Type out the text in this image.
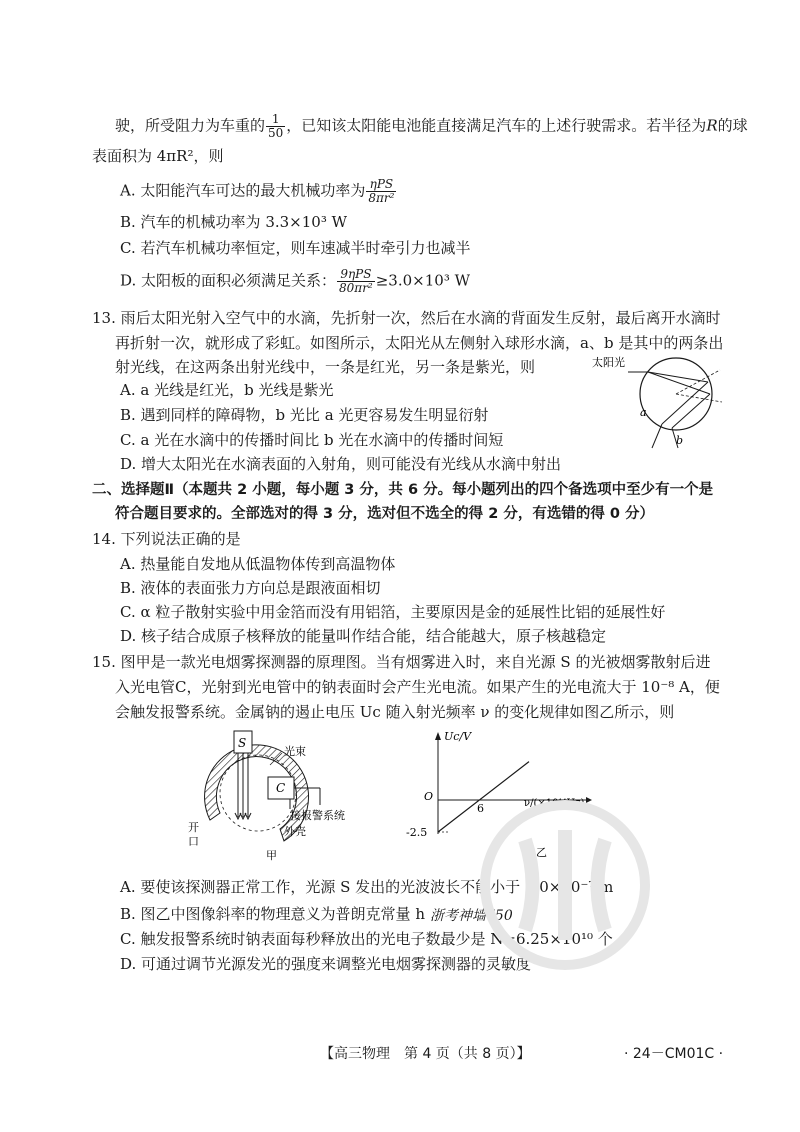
驶，所受阻力为车重的 $\frac{1}{50}$ ，已知该太阳能电池能直接满足汽车的上述行驶需求。若半径为R的球
表面积为 4πR²，则
A. 太阳能汽车可达的最大机械功率为 $\frac{\text{ηPS}}{\text{8πr²}}$
B. 汽车的机械功率为 3.3×10³ W
C. 若汽车机械功率恒定，则车速减半时牵引力也减半
D. 太阳板的面积必须满足关系： $\frac{\text{9ηPS}}{\text{80πr²}} \ge 3.0\times 10^3$ W
13. 雨后太阳光射入空气中的水滴，先折射一次，然后在水滴的背面发生反射，最后离开水滴时
再折射一次，就形成了彩虹。如图所示，太阳光从左侧射入球形水滴，a、b 是其中的两条出
射光线，在这两条出射光线中，一条是红光，另一条是紫光，则
A. a 光线是红光，b 光线是紫光
B. 遇到同样的障碍物，b 光比 a 光更容易发生明显衍射
C. a 光在水滴中的传播时间比 b 光在水滴中的传播时间短
D. 增大太阳光在水滴表面的入射角，则可能没有光线从水滴中射出
太阳光
a
b
二、选择题Ⅱ（本题共 2 小题，每小题 3 分，共 6 分。每小题列出的四个备选项中至少有一个是
符合题目要求的。全部选对的得 3 分，选对但不选全的得 2 分，有选错的得 0 分）
14. 下列说法正确的是
A. 热量能自发地从低温物体传到高温物体
B. 液体的表面张力方向总是跟液面相切
C. α 粒子散射实验中用金箔而没有用铝箔，主要原因是金的延展性比铝的延展性好
D. 核子结合成原子核释放的能量叫作结合能，结合能越大，原子核越稳定
15. 图甲是一款光电烟雾探测器的原理图。当有烟雾进入时，来自光源 S 的光被烟雾散射后进
入光电管C，光射到光电管中的钠表面时会产生光电流。如果产生的光电流大于 10⁻⁸ A，便
会触发报警系统。金属钠的遏止电压 Uc 随入射光频率 ν 的变化规律如图乙所示，则
S
C
光束
接报警系统
外壳
开
口
甲
Uc/V
ν/(×10¹⁴Hz)
O
6
-2.5
乙
A. 要使该探测器正常工作，光源 S 发出的光波波长不能小于 5.0×10⁻⁷ m
B. 图乙中图像斜率的物理意义为普朗克常量 h 浙考神墙750
C. 触发报警系统时钠表面每秒释放出的光电子数最少是 N=6.25×10¹⁰ 个
D. 可通过调节光源发光的强度来调整光电烟雾探测器的灵敏度
【高三物理　第 4 页（共 8 页）】	· 24－CM01C ·
